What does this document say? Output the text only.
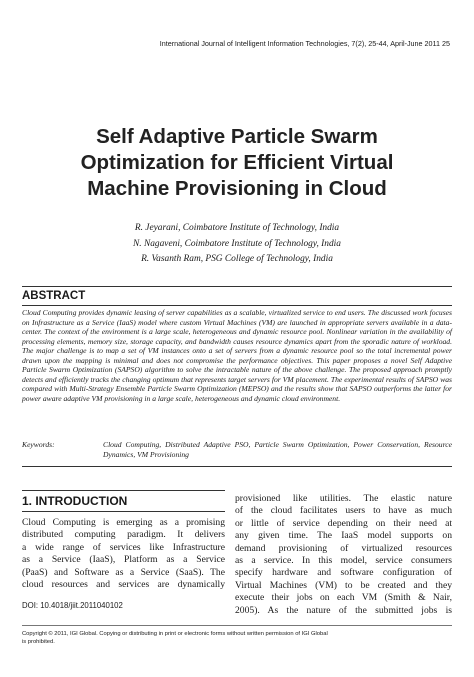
International Journal of Intelligent Information Technologies, 7(2), 25-44, April-June 2011 25
Self Adaptive Particle Swarm
Optimization for Efficient Virtual
Machine Provisioning in Cloud
R. Jeyarani, Coimbatore Institute of Technology, India
N. Nagaveni, Coimbatore Institute of Technology, India
R. Vasanth Ram, PSG College of Technology, India
ABSTRACT
Cloud Computing provides dynamic leasing of server capabilities as a scalable, virtualized service to end users. The discussed work focuses on Infrastructure as a Service (IaaS) model where custom Virtual Machines (VM) are launched in appropriate servers available in a data-center. The context of the environment is a large scale, heterogeneous and dynamic resource pool. Nonlinear variation in the availability of processing elements, memory size, storage capacity, and bandwidth causes resource dynamics apart from the sporadic nature of workload. The major challenge is to map a set of VM instances onto a set of servers from a dynamic resource pool so the total incremental power drawn upon the mapping is minimal and does not compromise the performance objectives. This paper proposes a novel Self Adaptive Particle Swarm Optimization (SAPSO) algorithm to solve the intractable nature of the above challenge. The proposed approach promptly detects and efficiently tracks the changing optimum that represents target servers for VM placement. The experimental results of SAPSO was compared with Multi-Strategy Ensemble Particle Swarm Optimization (MEPSO) and the results show that SAPSO outperforms the latter for power aware adaptive VM provisioning in a large scale, heterogeneous and dynamic cloud environment.
Keywords:	Cloud Computing, Distributed Adaptive PSO, Particle Swarm Optimization, Power Conservation, Resource Dynamics, VM Provisioning
1. INTRODUCTION
Cloud Computing is emerging as a promising
distributed computing paradigm. It delivers
a wide range of services like Infrastructure
as a Service (IaaS), Platform as a Service
(PaaS) and Software as a Service (SaaS). The
cloud resources and services are dynamically
provisioned like utilities. The elastic nature
of the cloud facilitates users to have as much
or little of service depending on their need at
any given time. The IaaS model supports on
demand provisioning of virtualized resources
as a service. In this model, service consumers
specify hardware and software configuration of
Virtual Machines (VM) to be created and they
execute their jobs on each VM (Smith & Nair,
2005). As the nature of the submitted jobs is
DOI: 10.4018/jiit.2011040102
Copyright © 2011, IGI Global. Copying or distributing in print or electronic forms without written permission of IGI Global
is prohibited.
